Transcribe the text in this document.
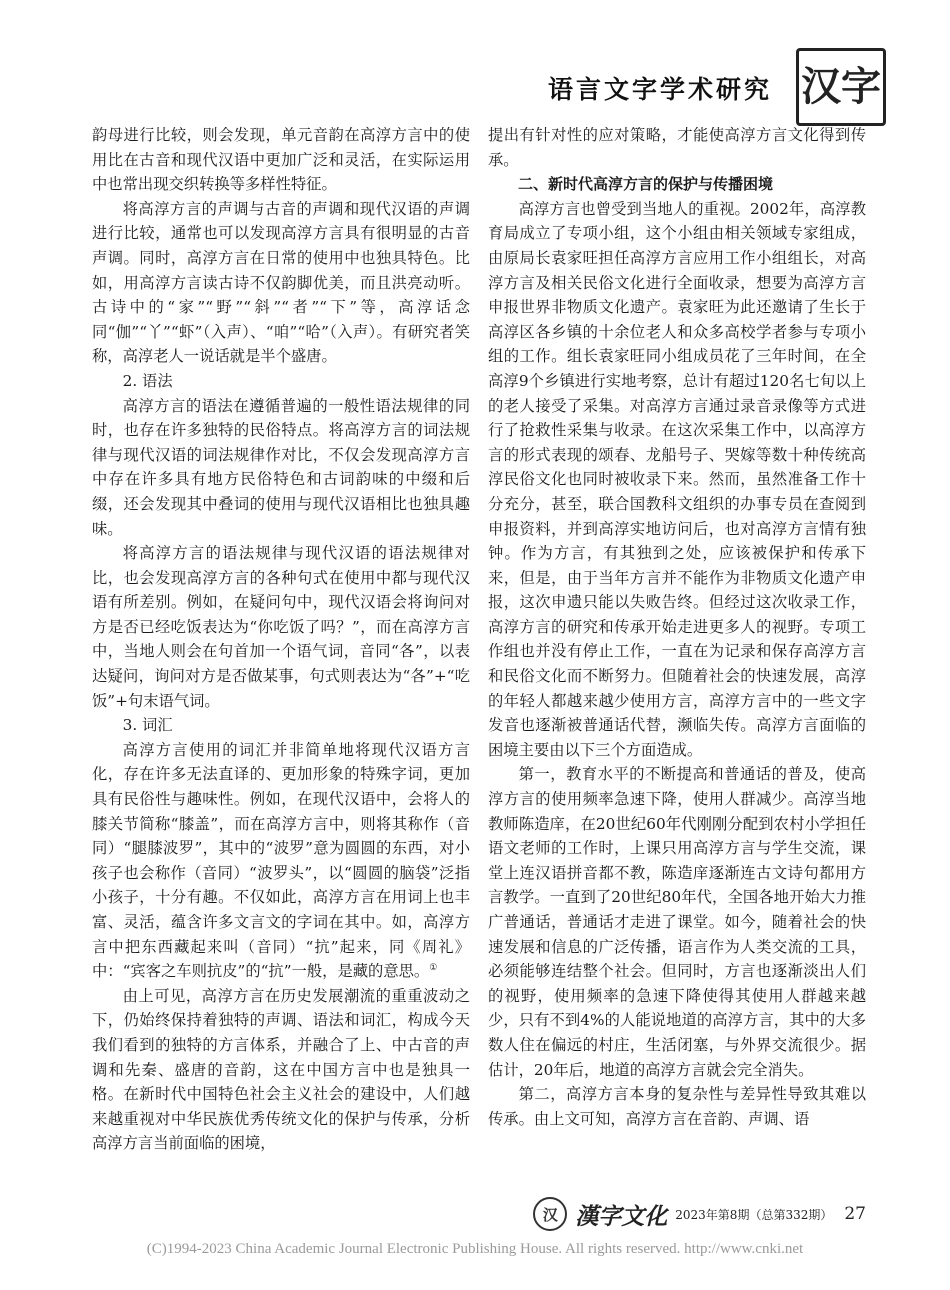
语言文字学术研究 汉字

韵母进行比较，则会发现，单元音韵在高淳方言中的使用比在古音和现代汉语中更加广泛和灵活，在实际运用中也常出现交织转换等多样性特征。

将高淳方言的声调与古音的声调和现代汉语的声调进行比较，通常也可以发现高淳方言具有很明显的古音声调。同时，高淳方言在日常的使用中也独具特色。比如，用高淳方言读古诗不仅韵脚优美，而且洪亮动听。古诗中的“家”“野”“斜”“者”“下”等，高淳话念同“伽”“丫”“虾”（入声）、“咱”“哈”（入声）。有研究者笑称，高淳老人一说话就是半个盛唐。

2. 语法

高淳方言的语法在遵循普遍的一般性语法规律的同时，也存在许多独特的民俗特点。将高淳方言的词法规律与现代汉语的词法规律作对比，不仅会发现高淳方言中存在许多具有地方民俗特色和古词韵味的中缀和后缀，还会发现其中叠词的使用与现代汉语相比也独具趣味。

将高淳方言的语法规律与现代汉语的语法规律对比，也会发现高淳方言的各种句式在使用中都与现代汉语有所差别。例如，在疑问句中，现代汉语会将询问对方是否已经吃饭表达为“你吃饭了吗？”，而在高淳方言中，当地人则会在句首加一个语气词，音同“各”，以表达疑问，询问对方是否做某事，句式则表达为“各”+“吃饭”+句末语气词。

3. 词汇

高淳方言使用的词汇并非简单地将现代汉语方言化，存在许多无法直译的、更加形象的特殊字词，更加具有民俗性与趣味性。例如，在现代汉语中，会将人的膝关节简称“膝盖”，而在高淳方言中，则将其称作（音同）“腿膝波罗”，其中的“波罗”意为圆圆的东西，对小孩子也会称作（音同）“波罗头”，以“圆圆的脑袋”泛指小孩子，十分有趣。不仅如此，高淳方言在用词上也丰富、灵活，蕴含许多文言文的字词在其中。如，高淳方言中把东西藏起来叫（音同）“抗”起来，同《周礼》中：“宾客之车则抗皮”的“抗”一般，是藏的意思。①

由上可见，高淳方言在历史发展潮流的重重波动之下，仍始终保持着独特的声调、语法和词汇，构成今天我们看到的独特的方言体系，并融合了上、中古音的声调和先秦、盛唐的音韵，这在中国方言中也是独具一格。在新时代中国特色社会主义社会的建设中，人们越来越重视对中华民族优秀传统文化的保护与传承，分析高淳方言当前面临的困境，

提出有针对性的应对策略，才能使高淳方言文化得到传承。

二、新时代高淳方言的保护与传播困境

高淳方言也曾受到当地人的重视。2002年，高淳教育局成立了专项小组，这个小组由相关领域专家组成，由原局长袁家旺担任高淳方言应用工作小组组长，对高淳方言及相关民俗文化进行全面收录，想要为高淳方言申报世界非物质文化遗产。袁家旺为此还邀请了生长于高淳区各乡镇的十余位老人和众多高校学者参与专项小组的工作。组长袁家旺同小组成员花了三年时间，在全高淳9个乡镇进行实地考察，总计有超过120名七旬以上的老人接受了采集。对高淳方言通过录音录像等方式进行了抢救性采集与收录。在这次采集工作中，以高淳方言的形式表现的颂春、龙船号子、哭嫁等数十种传统高淳民俗文化也同时被收录下来。然而，虽然准备工作十分充分，甚至，联合国教科文组织的办事专员在查阅到申报资料，并到高淳实地访问后，也对高淳方言情有独钟。作为方言，有其独到之处，应该被保护和传承下来，但是，由于当年方言并不能作为非物质文化遗产申报，这次申遗只能以失败告终。但经过这次收录工作，高淳方言的研究和传承开始走进更多人的视野。专项工作组也并没有停止工作，一直在为记录和保存高淳方言和民俗文化而不断努力。但随着社会的快速发展，高淳的年轻人都越来越少使用方言，高淳方言中的一些文字发音也逐渐被普通话代替，濒临失传。高淳方言面临的困境主要由以下三个方面造成。

第一，教育水平的不断提高和普通话的普及，使高淳方言的使用频率急速下降，使用人群减少。高淳当地教师陈造庠，在20世纪60年代刚刚分配到农村小学担任语文老师的工作时，上课只用高淳方言与学生交流，课堂上连汉语拼音都不教，陈造庠逐渐连古文诗句都用方言教学。一直到了20世纪80年代，全国各地开始大力推广普通话，普通话才走进了课堂。如今，随着社会的快速发展和信息的广泛传播，语言作为人类交流的工具，必须能够连结整个社会。但同时，方言也逐渐淡出人们的视野，使用频率的急速下降使得其使用人群越来越少，只有不到4%的人能说地道的高淳方言，其中的大多数人住在偏远的村庄，生活闭塞，与外界交流很少。据估计，20年后，地道的高淳方言就会完全消失。

第二，高淳方言本身的复杂性与差异性导致其难以传承。由上文可知，高淳方言在音韵、声调、语

汉 漢字文化 2023年第8期（总第332期） 27
(C)1994-2023 China Academic Journal Electronic Publishing House. All rights reserved. http://www.cnki.net
